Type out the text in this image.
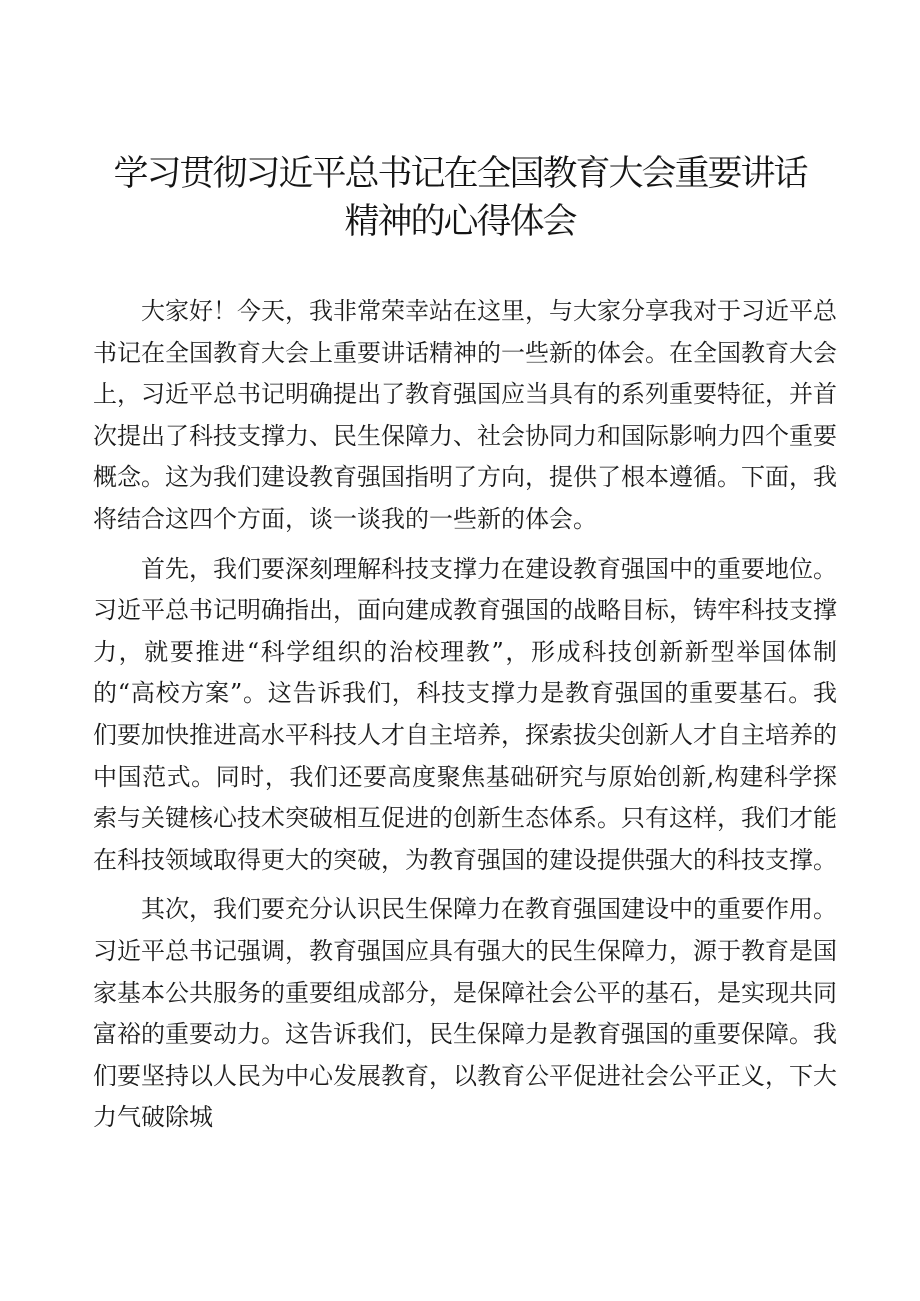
学习贯彻习近平总书记在全国教育大会重要讲话
精神的心得体会

大家好！今天，我非常荣幸站在这里，与大家分享我对于习近平总书记在全国教育大会上重要讲话精神的一些新的体会。在全国教育大会上，习近平总书记明确提出了教育强国应当具有的系列重要特征，并首次提出了科技支撑力、民生保障力、社会协同力和国际影响力四个重要概念。这为我们建设教育强国指明了方向，提供了根本遵循。下面，我将结合这四个方面，谈一谈我的一些新的体会。

首先，我们要深刻理解科技支撑力在建设教育强国中的重要地位。习近平总书记明确指出，面向建成教育强国的战略目标，铸牢科技支撑力，就要推进“科学组织的治校理教”，形成科技创新新型举国体制的“高校方案”。这告诉我们，科技支撑力是教育强国的重要基石。我们要加快推进高水平科技人才自主培养，探索拔尖创新人才自主培养的中国范式。同时，我们还要高度聚焦基础研究与原始创新,构建科学探索与关键核心技术突破相互促进的创新生态体系。只有这样，我们才能在科技领域取得更大的突破，为教育强国的建设提供强大的科技支撑。

其次，我们要充分认识民生保障力在教育强国建设中的重要作用。习近平总书记强调，教育强国应具有强大的民生保障力，源于教育是国家基本公共服务的重要组成部分，是保障社会公平的基石，是实现共同富裕的重要动力。这告诉我们，民生保障力是教育强国的重要保障。我们要坚持以人民为中心发展教育，以教育公平促进社会公平正义，下大力气破除城
